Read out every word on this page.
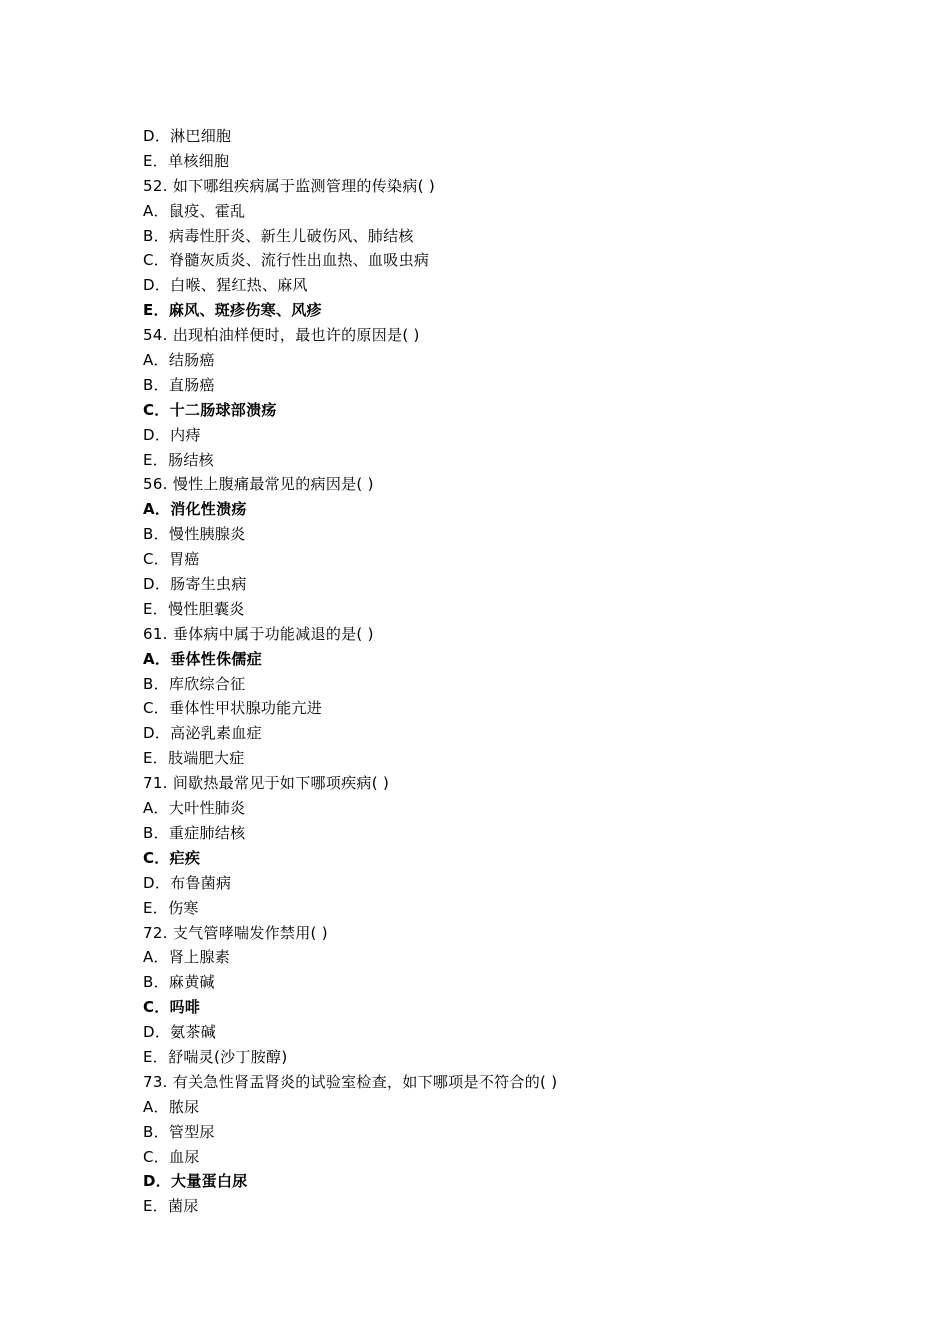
D．淋巴细胞
E．单核细胞
52. 如下哪组疾病属于监测管理的传染病( )
A．鼠疫、霍乱
B．病毒性肝炎、新生儿破伤风、肺结核
C．脊髓灰质炎、流行性出血热、血吸虫病
D．白喉、猩红热、麻风
E．麻风、斑疹伤寒、风疹
54. 出现柏油样便时，最也许的原因是( )
A．结肠癌
B．直肠癌
C．十二肠球部溃疡
D．内痔
E．肠结核
56. 慢性上腹痛最常见的病因是( )
A．消化性溃疡
B．慢性胰腺炎
C．胃癌
D．肠寄生虫病
E．慢性胆囊炎
61. 垂体病中属于功能减退的是( )
A．垂体性侏儒症
B．库欣综合征
C．垂体性甲状腺功能亢进
D．高泌乳素血症
E．肢端肥大症
71. 间歇热最常见于如下哪项疾病( )
A．大叶性肺炎
B．重症肺结核
C．疟疾
D．布鲁菌病
E．伤寒
72. 支气管哮喘发作禁用( )
A．肾上腺素
B．麻黄碱
C．吗啡
D．氨茶碱
E．舒喘灵(沙丁胺醇)
73. 有关急性肾盂肾炎的试验室检查，如下哪项是不符合的( )
A．脓尿
B．管型尿
C．血尿
D．大量蛋白尿
E．菌尿
